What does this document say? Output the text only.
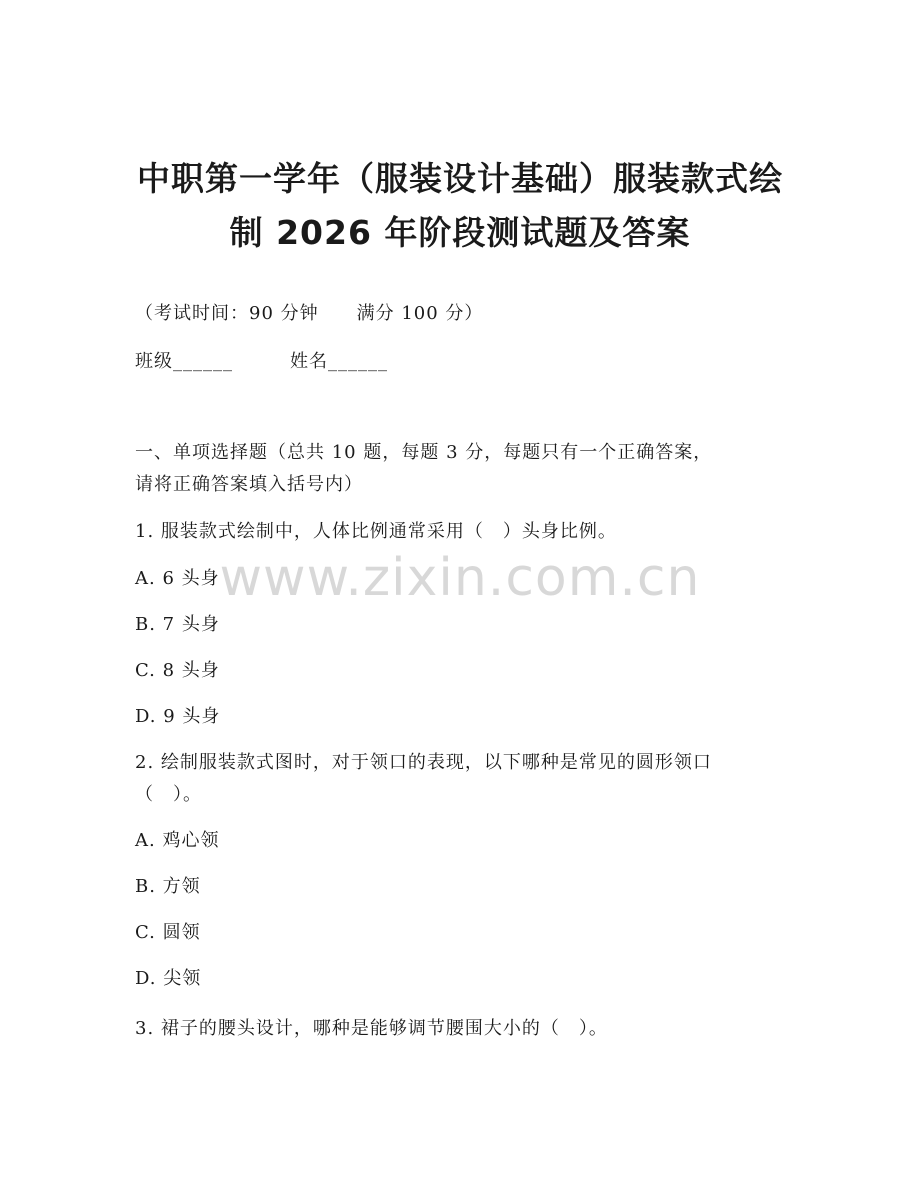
中职第一学年（服装设计基础）服装款式绘
制 2026 年阶段测试题及答案
（考试时间：90 分钟　　满分 100 分）
班级______　　　姓名______
一、单项选择题（总共 10 题，每题 3 分，每题只有一个正确答案，
请将正确答案填入括号内）
1. 服装款式绘制中，人体比例通常采用（　）头身比例。
A. 6 头身
B. 7 头身
C. 8 头身
D. 9 头身
2. 绘制服装款式图时，对于领口的表现，以下哪种是常见的圆形领口
（　）。
A. 鸡心领
B. 方领
C. 圆领
D. 尖领
3. 裙子的腰头设计，哪种是能够调节腰围大小的（　）。
www.zixin.com.cn
